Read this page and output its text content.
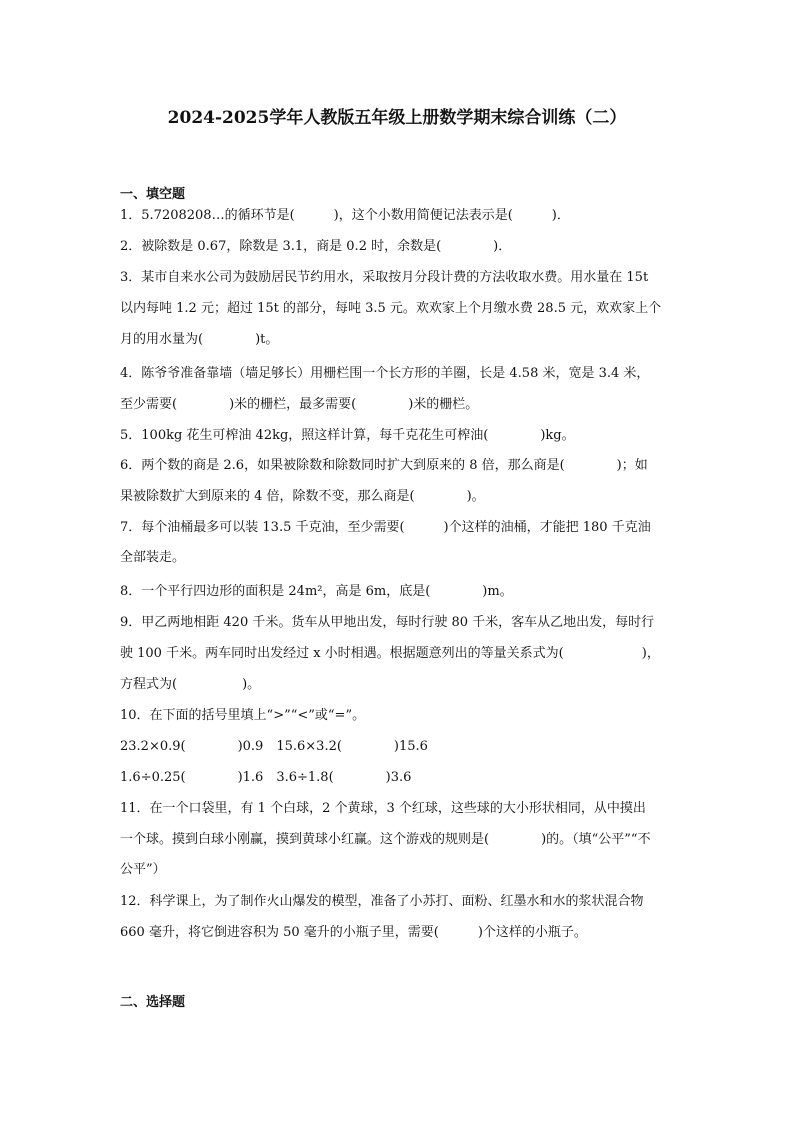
2024-2025学年人教版五年级上册数学期末综合训练（二）
一、填空题
1．5.7208208…的循环节是(　　　)，这个小数用简便记法表示是(　　　)．
2．被除数是 0.67，除数是 3.1，商是 0.2 时，余数是(　　　　)．
3．某市自来水公司为鼓励居民节约用水，采取按月分段计费的方法收取水费。用水量在 15t
以内每吨 1.2 元；超过 15t 的部分，每吨 3.5 元。欢欢家上个月缴水费 28.5 元，欢欢家上个
月的用水量为(　　　　)t。
4．陈爷爷准备靠墙（墙足够长）用栅栏围一个长方形的羊圈，长是 4.58 米，宽是 3.4 米，
至少需要(　　　　)米的栅栏，最多需要(　　　　)米的栅栏。
5．100kg 花生可榨油 42kg，照这样计算，每千克花生可榨油(　　　　)kg。
6．两个数的商是 2.6，如果被除数和除数同时扩大到原来的 8 倍，那么商是(　　　　)；如
果被除数扩大到原来的 4 倍，除数不变，那么商是(　　　　)。
7．每个油桶最多可以装 13.5 千克油，至少需要(　　　)个这样的油桶，才能把 180 千克油
全部装走。
8．一个平行四边形的面积是 24m²，高是 6m，底是(　　　　)m。
9．甲乙两地相距 420 千米。货车从甲地出发，每时行驶 80 千米，客车从乙地出发，每时行
驶 100 千米。两车同时出发经过 x 小时相遇。根据题意列出的等量关系式为(　　　　　　)，
方程式为(　　　　　)。
10．在下面的括号里填上“>”“<”或“=”。
23.2×0.9(　　　　)0.9　15.6×3.2(　　　　)15.6
1.6÷0.25(　　　　)1.6　3.6÷1.8(　　　　)3.6
11．在一个口袋里，有 1 个白球，2 个黄球，3 个红球，这些球的大小形状相同，从中摸出
一个球。摸到白球小刚赢，摸到黄球小红赢。这个游戏的规则是(　　　　)的。（填“公平”“不
公平”）
12．科学课上，为了制作火山爆发的模型，准备了小苏打、面粉、红墨水和水的浆状混合物
660 毫升，将它倒进容积为 50 毫升的小瓶子里，需要(　　　)个这样的小瓶子。
二、选择题
